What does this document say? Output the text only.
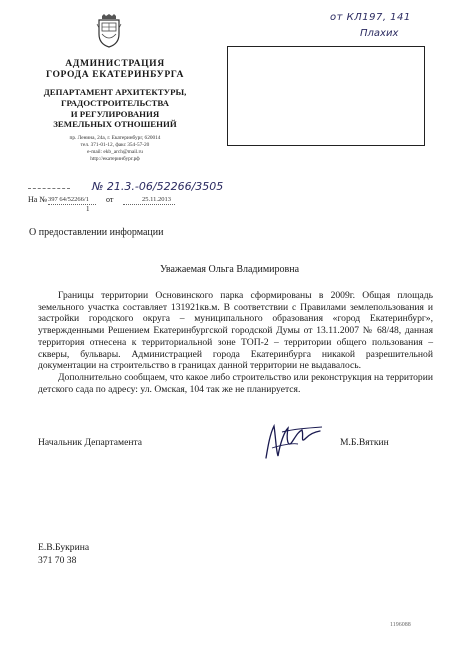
АДМИНИСТРАЦИЯ
ГОРОДА ЕКАТЕРИНБУРГА
ДЕПАРТАМЕНТ АРХИТЕКТУРЫ,
ГРАДОСТРОИТЕЛЬСТВА
И РЕГУЛИРОВАНИЯ
ЗЕМЕЛЬНЫХ ОТНОШЕНИЙ
пр. Ленина, 24а, г. Екатеринбург, 620014
тел. 371-01-12, факс 354-57-20
e-mail: ekb_arch@mail.ru
http://екатеринбург.рф
от КЛ197, 141
Плахих
№ 21.3.-06/52266/3505
На № 397 64/52266/1 от	25.11.2013
1
О предоставлении информации
Уважаемая Ольга Владимировна

Границы территории Основинского парка сформированы в 2009г. Общая площадь земельного участка составляет 131921кв.м. В соответствии с Правилами землепользования и застройки городского округа – муниципального образования «город Екатеринбург», утвержденными Решением Екатеринбургской городской Думы от 13.11.2007 № 68/48, данная территория отнесена к территориальной зоне ТОП-2 – территории общего пользования – скверы, бульвары. Администрацией города Екатеринбурга никакой разрешительной документации на строительство в границах данной территории не выдавалось.

Дополнительно сообщаем, что какое либо строительство или реконструкция на территории детского сада по адресу: ул. Омская, 104 так же не планируется.

Начальник Департамента	М.Б.Вяткин
Е.В.Букрина
371 70 38
1196088
